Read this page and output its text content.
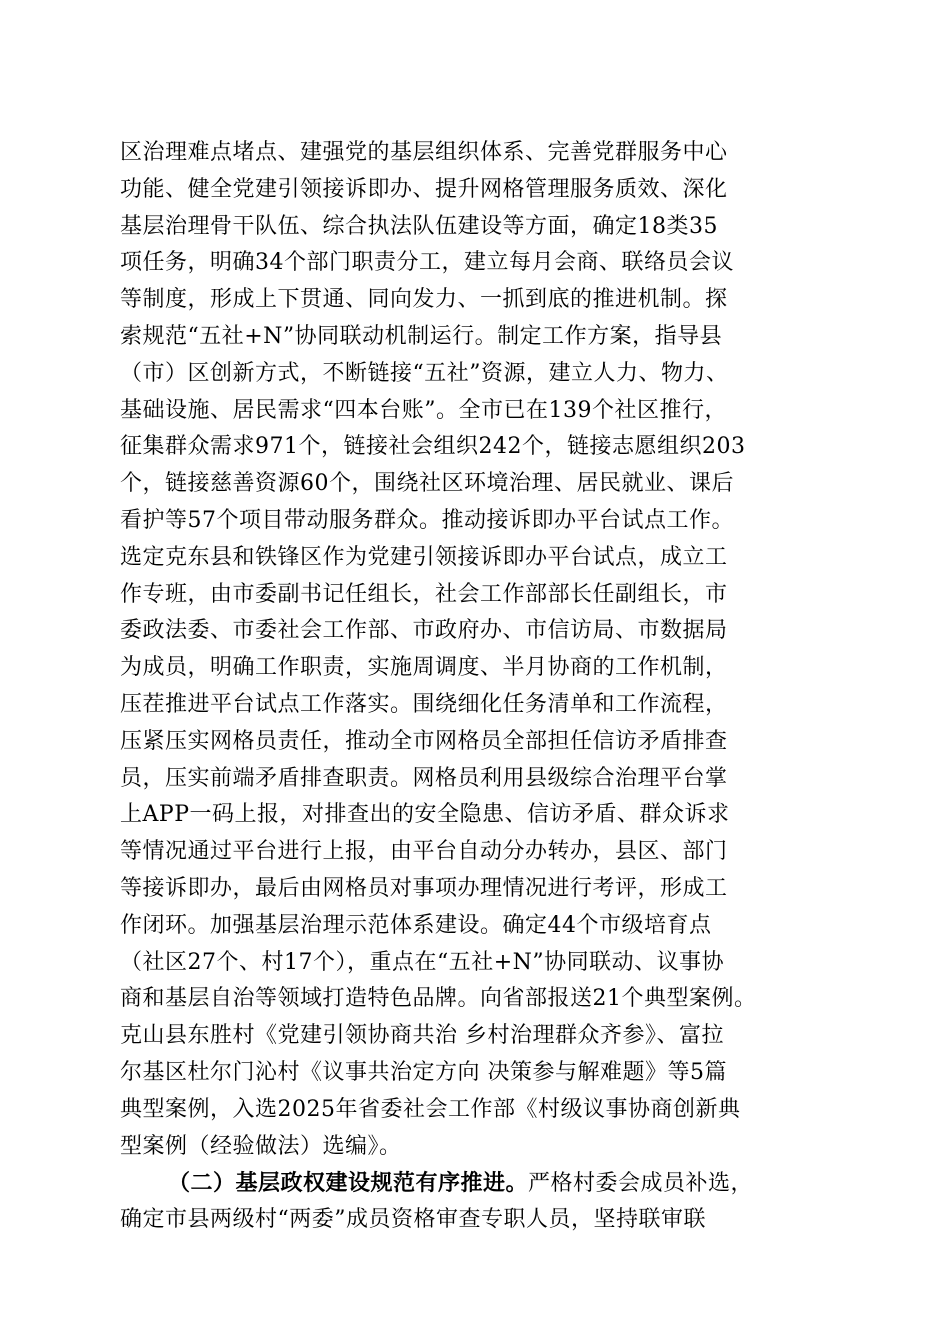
区治理难点堵点、建强党的基层组织体系、完善党群服务中心
功能、健全党建引领接诉即办、提升网格管理服务质效、深化
基层治理骨干队伍、综合执法队伍建设等方面，确定18类35
项任务，明确34个部门职责分工，建立每月会商、联络员会议
等制度，形成上下贯通、同向发力、一抓到底的推进机制。探
索规范“五社+N”协同联动机制运行。制定工作方案，指导县
（市）区创新方式，不断链接“五社”资源，建立人力、物力、
基础设施、居民需求“四本台账”。全市已在139个社区推行，
征集群众需求971个，链接社会组织242个，链接志愿组织203
个，链接慈善资源60个，围绕社区环境治理、居民就业、课后
看护等57个项目带动服务群众。推动接诉即办平台试点工作。
选定克东县和铁锋区作为党建引领接诉即办平台试点，成立工
作专班，由市委副书记任组长，社会工作部部长任副组长，市
委政法委、市委社会工作部、市政府办、市信访局、市数据局
为成员，明确工作职责，实施周调度、半月协商的工作机制，
压茬推进平台试点工作落实。围绕细化任务清单和工作流程，
压紧压实网格员责任，推动全市网格员全部担任信访矛盾排查
员，压实前端矛盾排查职责。网格员利用县级综合治理平台掌
上APP一码上报，对排查出的安全隐患、信访矛盾、群众诉求
等情况通过平台进行上报，由平台自动分办转办，县区、部门
等接诉即办，最后由网格员对事项办理情况进行考评，形成工
作闭环。加强基层治理示范体系建设。确定44个市级培育点
（社区27个、村17个），重点在“五社+N”协同联动、议事协
商和基层自治等领域打造特色品牌。向省部报送21个典型案例。
克山县东胜村《党建引领协商共治 乡村治理群众齐参》、富拉
尔基区杜尔门沁村《议事共治定方向 决策参与解难题》等5篇
典型案例，入选2025年省委社会工作部《村级议事协商创新典
型案例（经验做法）选编》。
（二）基层政权建设规范有序推进。严格村委会成员补选，
确定市县两级村“两委”成员资格审查专职人员，坚持联审联
